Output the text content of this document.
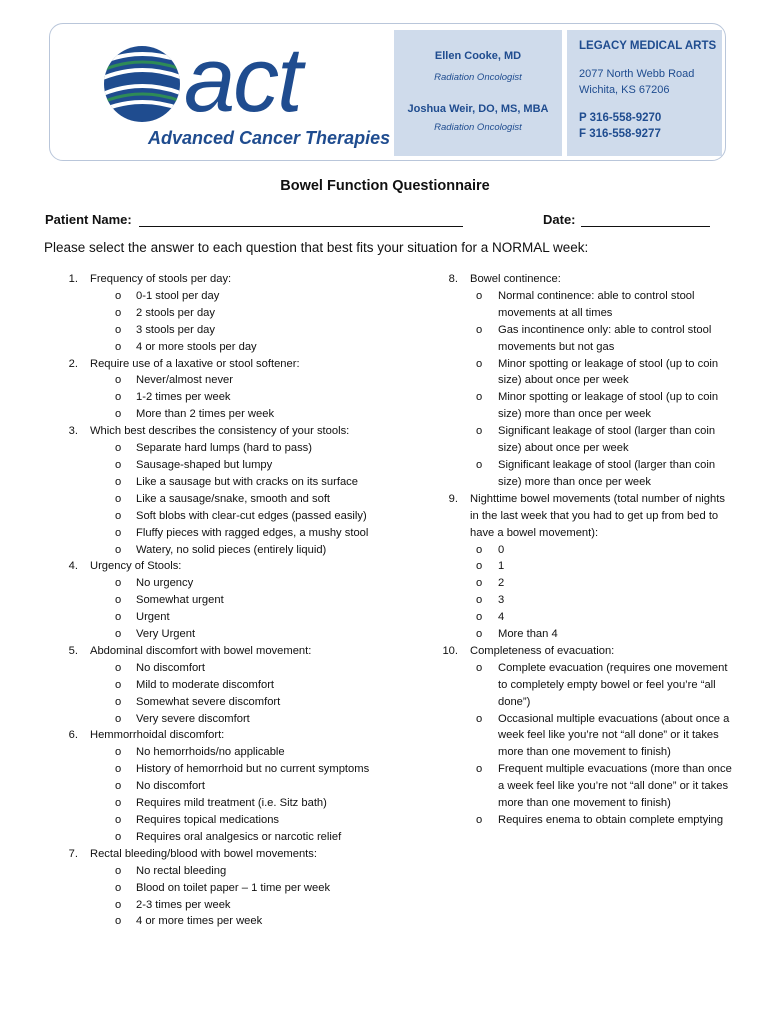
act
Advanced Cancer Therapies
Ellen Cooke, MD
Radiation Oncologist
Joshua Weir, DO, MS, MBA
Radiation Oncologist
LEGACY MEDICAL ARTS
2077 North Webb Road
Wichita, KS 67206
P 316-558-9270
F 316-558-9277
Bowel Function Questionnaire
Patient Name:	Date:
Please select the answer to each question that best fits your situation for a NORMAL week:
1. Frequency of stools per day:
o 0-1 stool per day
o 2 stools per day
o 3 stools per day
o 4 or more stools per day
2. Require use of a laxative or stool softener:
o Never/almost never
o 1-2 times per week
o More than 2 times per week
3. Which best describes the consistency of your stools:
o Separate hard lumps (hard to pass)
o Sausage-shaped but lumpy
o Like a sausage but with cracks on its surface
o Like a sausage/snake, smooth and soft
o Soft blobs with clear-cut edges (passed easily)
o Fluffy pieces with ragged edges, a mushy stool
o Watery, no solid pieces (entirely liquid)
4. Urgency of Stools:
o No urgency
o Somewhat urgent
o Urgent
o Very Urgent
5. Abdominal discomfort with bowel movement:
o No discomfort
o Mild to moderate discomfort
o Somewhat severe discomfort
o Very severe discomfort
6. Hemmorrhoidal discomfort:
o No hemorrhoids/no applicable
o History of hemorrhoid but no current symptoms
o No discomfort
o Requires mild treatment (i.e. Sitz bath)
o Requires topical medications
o Requires oral analgesics or narcotic relief
7. Rectal bleeding/blood with bowel movements:
o No rectal bleeding
o Blood on toilet paper – 1 time per week
o 2-3 times per week
o 4 or more times per week
8. Bowel continence:
o Normal continence: able to control stool movements at all times
o Gas incontinence only: able to control stool movements but not gas
o Minor spotting or leakage of stool (up to coin size) about once per week
o Minor spotting or leakage of stool (up to coin size) more than once per week
o Significant leakage of stool (larger than coin size) about once per week
o Significant leakage of stool (larger than coin size) more than once per week
9. Nighttime bowel movements (total number of nights in the last week that you had to get up from bed to have a bowel movement):
o 0
o 1
o 2
o 3
o 4
o More than 4
10. Completeness of evacuation:
o Complete evacuation (requires one movement to completely empty bowel or feel you’re “all done”)
o Occasional multiple evacuations (about once a week feel like you’re not “all done” or it takes more than one movement to finish)
o Frequent multiple evacuations (more than once a week feel like you’re not “all done” or it takes more than one movement to finish)
o Requires enema to obtain complete emptying
